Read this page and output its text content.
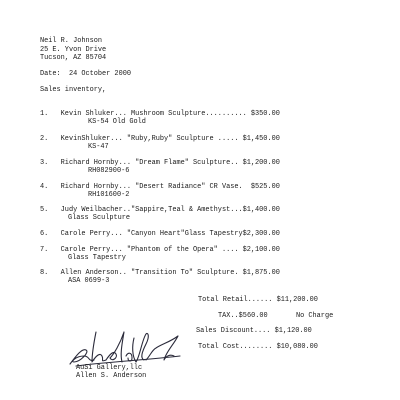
Neil R. Johnson

25 E. Yvon Drive

Tucson, AZ 85704

Date:  24 October 2000

Sales inventory,

1.   Kevin Shluker... Mushroom Sculpture.......... $350.00

KS-54 Old Gold

2.   KevinShluker... "Ruby,Ruby" Sculpture ..... $1,450.00

KS-47

3.   Richard Hornby... "Dream Flame" Sculpture.. $1,200.00

RH082900-6

4.   Richard Hornby... "Desert Radiance" CR Vase.  $525.00

RH101600-2

5.   Judy Weilbacher.."Sappire,Teal & Amethyst...$1,400.00

Glass Sculpture

6.   Carole Perry... "Canyon Heart"Glass Tapestry$2,300.00

7.   Carole Perry... "Phantom of the Opera" .... $2,100.00

Glass Tapestry

8.   Allen Anderson.. "Transition To" Sculpture. $1,875.00

ASA 0699-3

Total Retail...... $11,200.00

TAX..$560.00

	No Charge

Sales Discount.... $1,120.00

Total Cost........ $10,080.00

AuSi Gallery,llc

Allen S. Anderson
